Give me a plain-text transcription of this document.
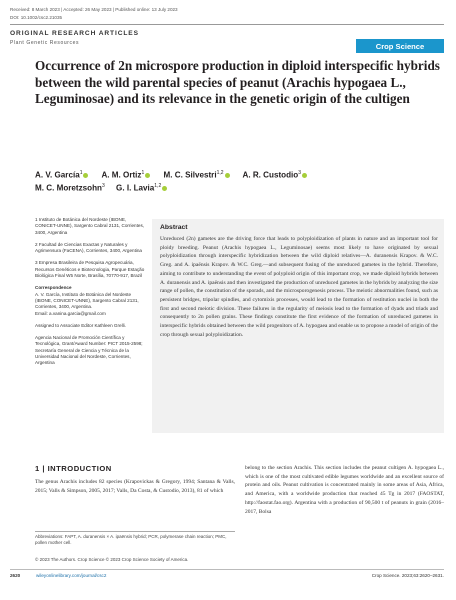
Received: 8 March 2023 | Accepted: 26 May 2023 | Published online: 13 July 2023
DOI: 10.1002/csc2.21035
ORIGINAL RESEARCH ARTICLES
Plant Genetic Resources	Crop Science
Occurrence of 2n microspore production in diploid interspecific hybrids between the wild parental species of peanut (Arachis hypogaea L., Leguminosae) and its relevance in the genetic origin of the cultigen
A. V. García$^1$ A. M. Ortiz$^1$ M. C. Silvestri$^{1,2}$ A. R. Custodio$^3$
M. C. Moretzsohn$^3$ G. I. Lavia$^{1,2}$

1 Instituto de Botánica del Nordeste (IBONE, CONICET-UNNE), Sargento Cabral 2131, Corrientes, 3400, Argentina

2 Facultad de Ciencias Exactas y Naturales y Agrimensura (FaCENA), Corrientes, 3400, Argentina

3 Empresa Brasileira de Pesquisa Agropecuária, Recursos Genéticos e Biotecnologia, Parque Estação Biológica Final W5 Norte, Brasília, 70770-917, Brazil

Correspondence
A. V. García, Instituto de Botánica del Nordeste (IBONE, CONICET-UNNE), Sargento Cabral 2131, Corrientes, 3400, Argentina.
Email: a.vanina.garcia@gmail.com

Assigned to Associate Editor Kathleen Grelli.

Agencia Nacional de Promoción Científica y Tecnológica, Grant/Award Number: PICT 2015-2598; Secretaría General de Ciencia y Técnica de la Universidad Nacional del Nordeste, Corrientes, Argentina

Abstract
Unreduced (2n) gametes are the driving force that leads to polyploidization of plants in nature and an important tool for ploidy breeding. Peanut (Arachis hypogaea L., Leguminosae) seems most likely to have originated by sexual polyploidization through interspecific hybridization between the wild diploid relatives—A. duranensis Krapov. & W.C. Greg. and A. ipaënsis Krapov. & W.C. Greg.—and subsequent fusing of the unreduced gametes in the hybrid. Therefore, aiming to contribute to understanding the event of polyploid origin of this important crop, we made diploid hybrids between A. duranensis and A. ipaënsis and then investigated the production of unreduced gametes in the hybrids by analyzing the size range of pollen, the constitution of the sporads, and the microsporogenesis process. The meiotic abnormalities found, such as persistent bridges, tripolar spindles, and cytomixis processes, would lead to the formation of restitution nuclei in both the first and second meiotic division. These failures in the regularity of meiosis lead to the formation of dyads and triads and consequently to 2n pollen grains. These findings constitute the first evidence of the formation of unreduced gametes in interspecific hybrids obtained between the wild progenitors of A. hypogaea and enable us to propose a model of origin of the crop through sexual polyploidization.
1 | INTRODUCTION
The genus Arachis includes 82 species (Krapovickas & Gregory, 1994; Santana & Valls, 2015; Valls & Simpson, 2005, 2017; Valls, Da Costa, & Custodio, 2013), 81 of which
belong to the section Arachis. This section includes the peanut cultigen A. hypogaea L., which is one of the most cultivated edible legumes worldwide and an excellent source of protein and oils. Peanut cultivation is concentrated mainly in some areas of Asia, Africa, and America, with a worldwide production that reached 45 Tg in 2017 (FAOSTAT, http://faostat.fao.org). Argentina with a production of 90,500 t of peanuts in grain (2016–2017, Bolsa
Abbreviations: FAPT, A. duranensis × A. ipaënsis hybrid; PCR, polymerase chain reaction; PMC, pollen mother cell.
© 2023 The Authors. Crop Science © 2023 Crop Science Society of America.
2620	wileyonlinelibrary.com/journal/csc2	Crop Science. 2023;63:2620–2631.
